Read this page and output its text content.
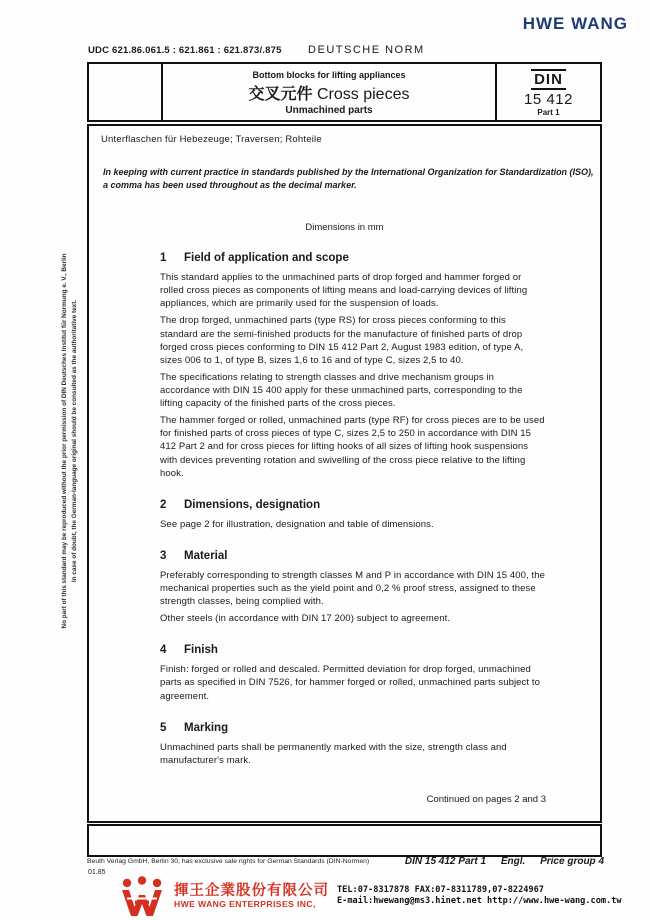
HWE WANG
UDC 621.86.061.5 : 621.861 : 621.873/.875 DEUTSCHE NORM
Bottom blocks for lifting appliances
交叉元件 Cross pieces
Unmachined parts
DIN
15 412
Part 1
Unterflaschen für Hebezeuge; Traversen; Rohteile
In keeping with current practice in standards published by the International Organization for Standardization (ISO), a comma has been used throughout as the decimal marker.
Dimensions in mm
1 Field of application and scope

This standard applies to the unmachined parts of drop forged and hammer forged or rolled cross pieces as components of lifting means and load-carrying devices of lifting appliances, which are primarily used for the suspension of loads.

The drop forged, unmachined parts (type RS) for cross pieces conforming to this standard are the semi-finished products for the manufacture of finished parts of drop forged cross pieces conforming to DIN 15 412 Part 2, August 1983 edition, of type A, sizes 006 to 1, of type B, sizes 1,6 to 16 and of type C, sizes 2,5 to 40.

The specifications relating to strength classes and drive mechanism groups in accordance with DIN 15 400 apply for these unmachined parts, corresponding to the lifting capacity of the finished parts of the cross pieces.

The hammer forged or rolled, unmachined parts (type RF) for cross pieces are to be used for finished parts of cross pieces of type C, sizes 2,5 to 250 in accordance with DIN 15 412 Part 2 and for cross pieces for lifting hooks of all sizes of lifting hook suspensions with devices preventing rotation and swivelling of the cross piece relative to the lifting hook.

2 Dimensions, designation

See page 2 for illustration, designation and table of dimensions.

3 Material

Preferably corresponding to strength classes M and P in accordance with DIN 15 400, the mechanical properties such as the yield point and 0,2 % proof stress, assigned to these strength classes, being complied with.

Other steels (in accordance with DIN 17 200) subject to agreement.

4 Finish

Finish: forged or rolled and descaled. Permitted deviation for drop forged, unmachined parts as specified in DIN 7526, for hammer forged or rolled, unmachined parts subject to agreement.

5 Marking

Unmachined parts shall be permanently marked with the size, strength class and manufacturer's mark.

Continued on pages 2 and 3
No part of this standard may be reproduced without the prior permission of DIN Deutsches Institut für Normung e. V., Berlin In case of doubt, the German-language original should be consulted as the authoritative text.
Beuth Verlag GmbH, Berlin 30, has exclusive sale rights for German Standards (DIN-Normen)
01.85
DIN 15 412 Part 1 Engl. Price group 4
揮王企業股份有限公司
HWE WANG ENTERPRISES INC,
TEL:07-8317878 FAX:07-8311789,07-8224967
E-mail:hwewang@ms3.hinet.net http://www.hwe-wang.com.tw
